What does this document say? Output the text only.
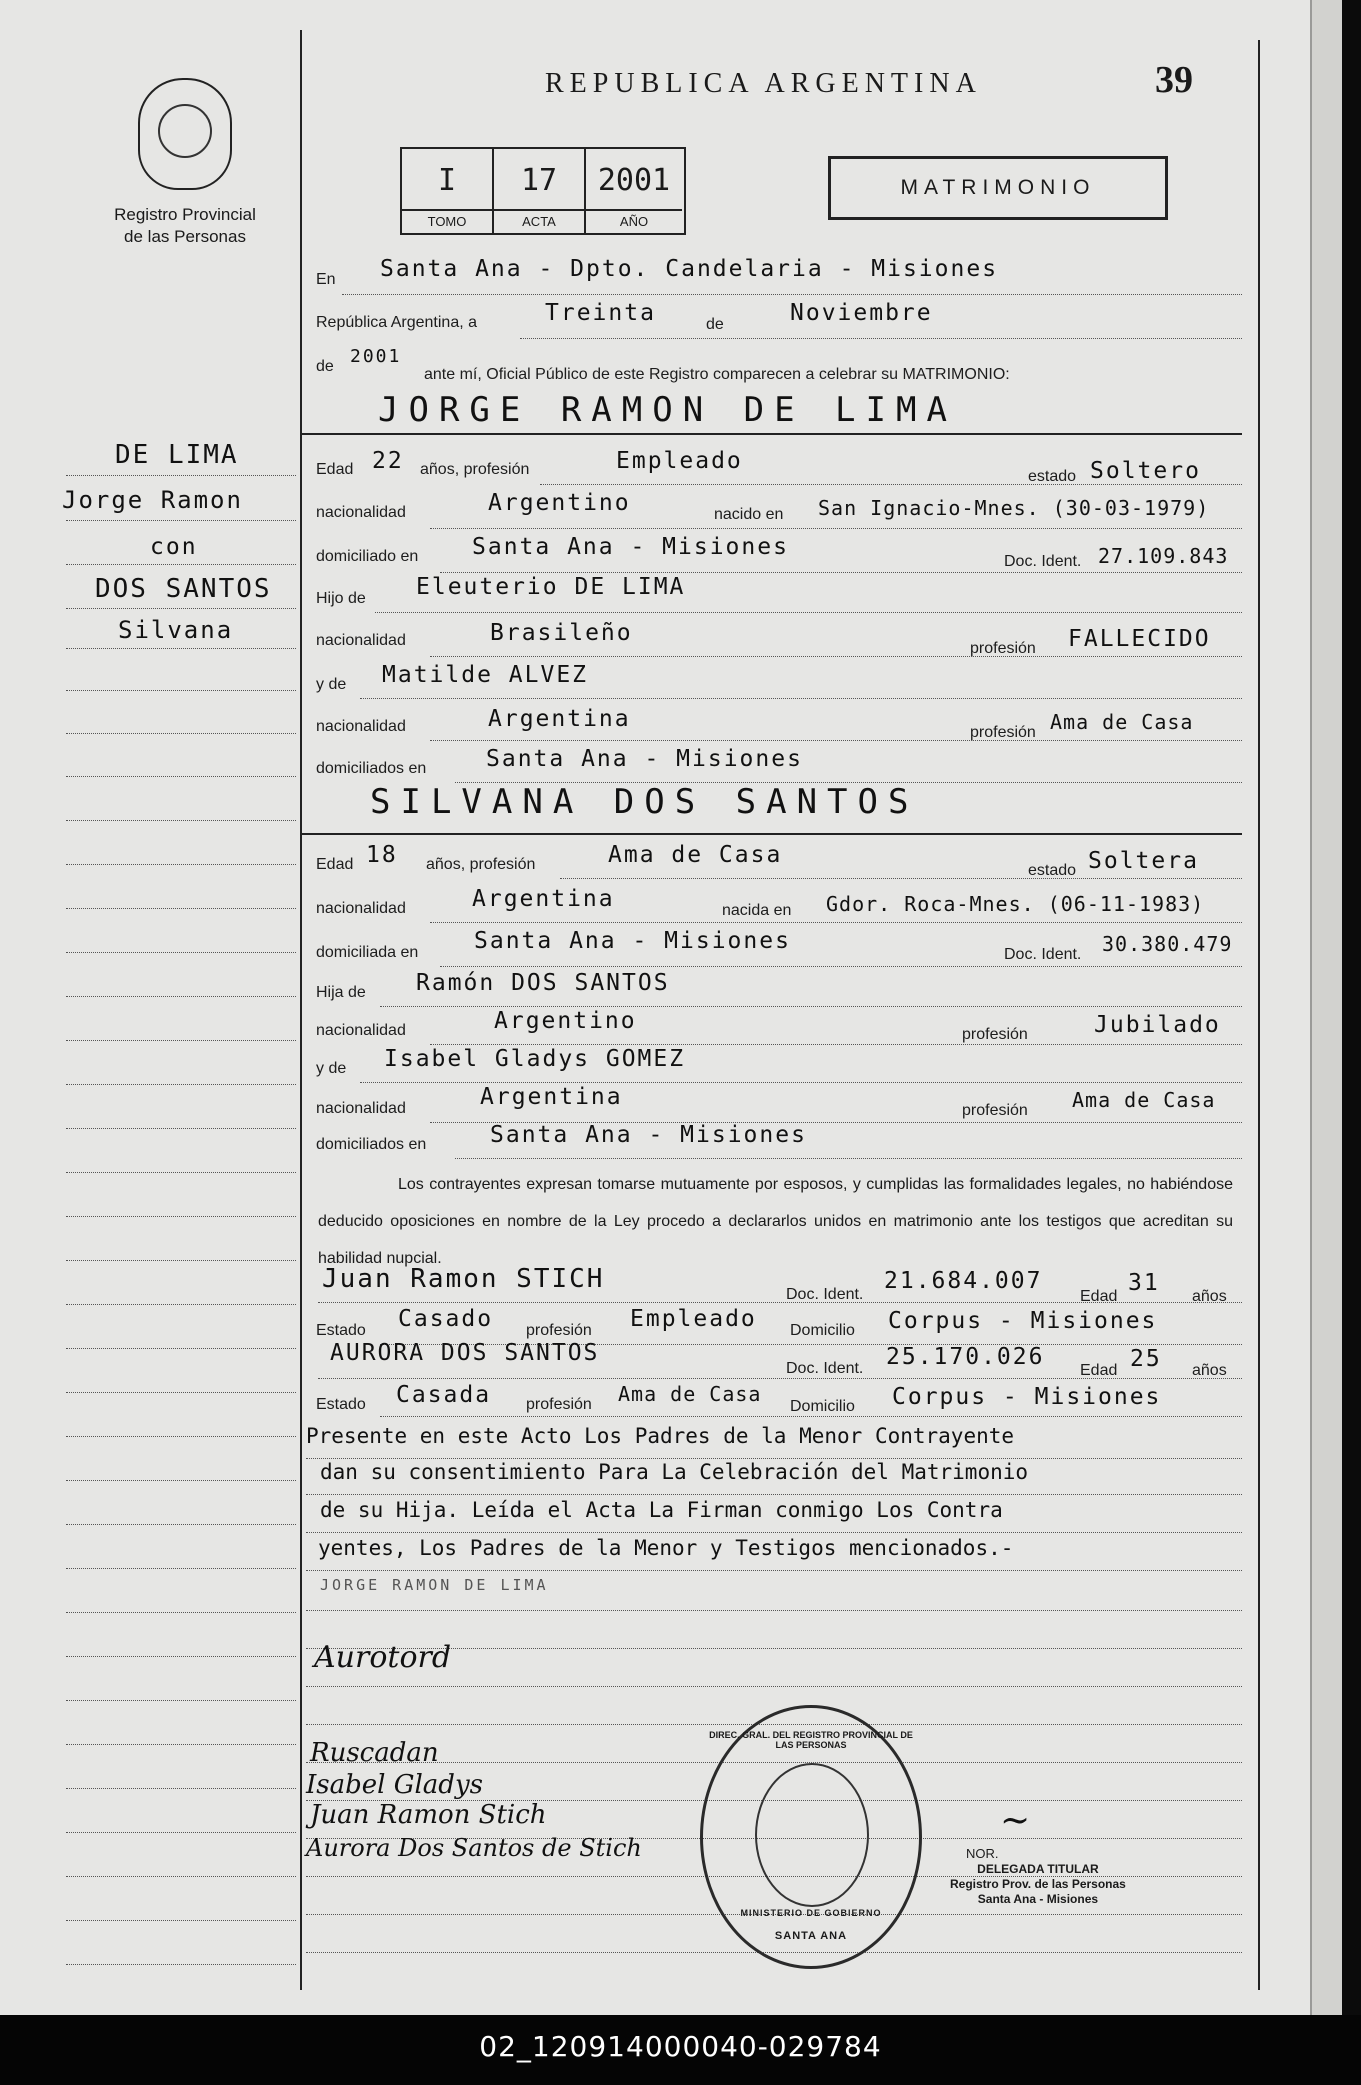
02_120914000040-029784
Registro Provincial
de las Personas
REPUBLICA ARGENTINA	39
I
TOMO
17
ACTA
2001
AÑO
MATRIMONIO
DE LIMA
Jorge Ramon
con
DOS SANTOS
Silvana
En Santa Ana - Dpto. Candelaria - Misiones
República Argentina, a	Treinta	de	Noviembre
de 2001
ante mí, Oficial Público de este Registro comparecen a celebrar su MATRIMONIO:
JORGE RAMON DE LIMA
Edad 22 años, profesión	Empleado
estado Soltero
nacionalidad	Argentino	nacido en San Ignacio-Mnes. (30-03-1979)
domiciliado en Santa Ana - Misiones
Doc. Ident. 27.109.843
Hijo de Eleuterio DE LIMA
nacionalidad	Brasileño
profesión FALLECIDO
y de Matilde ALVEZ
nacionalidad	Argentina
profesión Ama de Casa
domiciliados en	Santa Ana - Misiones
SILVANA DOS SANTOS
Edad 18 años, profesión	Ama de Casa
estado Soltera
nacionalidad	Argentina	nacida en Gdor. Roca-Mnes. (06-11-1983)
domiciliada en Santa Ana - Misiones
Doc. Ident. 30.380.479
Hija de Ramón DOS SANTOS
nacionalidad	Argentino
profesión	Jubilado
y de Isabel Gladys GOMEZ
nacionalidad	Argentina
profesión Ama de Casa
domiciliados en	Santa Ana - Misiones
Los contrayentes expresan tomarse mutuamente por esposos, y cumplidas las formalidades legales, no habiéndose deducido oposiciones en nombre de la Ley procedo a declararlos unidos en matrimonio ante los testigos que acreditan su habilidad nupcial.
Juan Ramon STICH
Doc. Ident.
21.684.007
Edad
31
años
Estado Casado profesión Empleado Domicilio Corpus - Misiones
AURORA DOS SANTOS
Doc. Ident. 25.170.026
Edad 25 años
Estado Casada profesión Ama de Casa
Domicilio Corpus - Misiones
Presente en este Acto Los Padres de la Menor Contrayente
dan su consentimiento Para La Celebración del Matrimonio
de su Hija. Leída el Acta La Firman conmigo Los Contra
yentes, Los Padres de la Menor y Testigos mencionados.-
JORGE RAMON DE LIMA
Aurotord
Ruscadan
Isabel Gladys
Juan Ramon Stich
Aurora Dos Santos de Stich
DIREC. GRAL. DEL REGISTRO PROVINCIAL DE LAS PERSONAS
MINISTERIO DE GOBIERNO
SANTA ANA
NOR.
~
DELEGADA TITULAR
Registro Prov. de las Personas
Santa Ana - Misiones
